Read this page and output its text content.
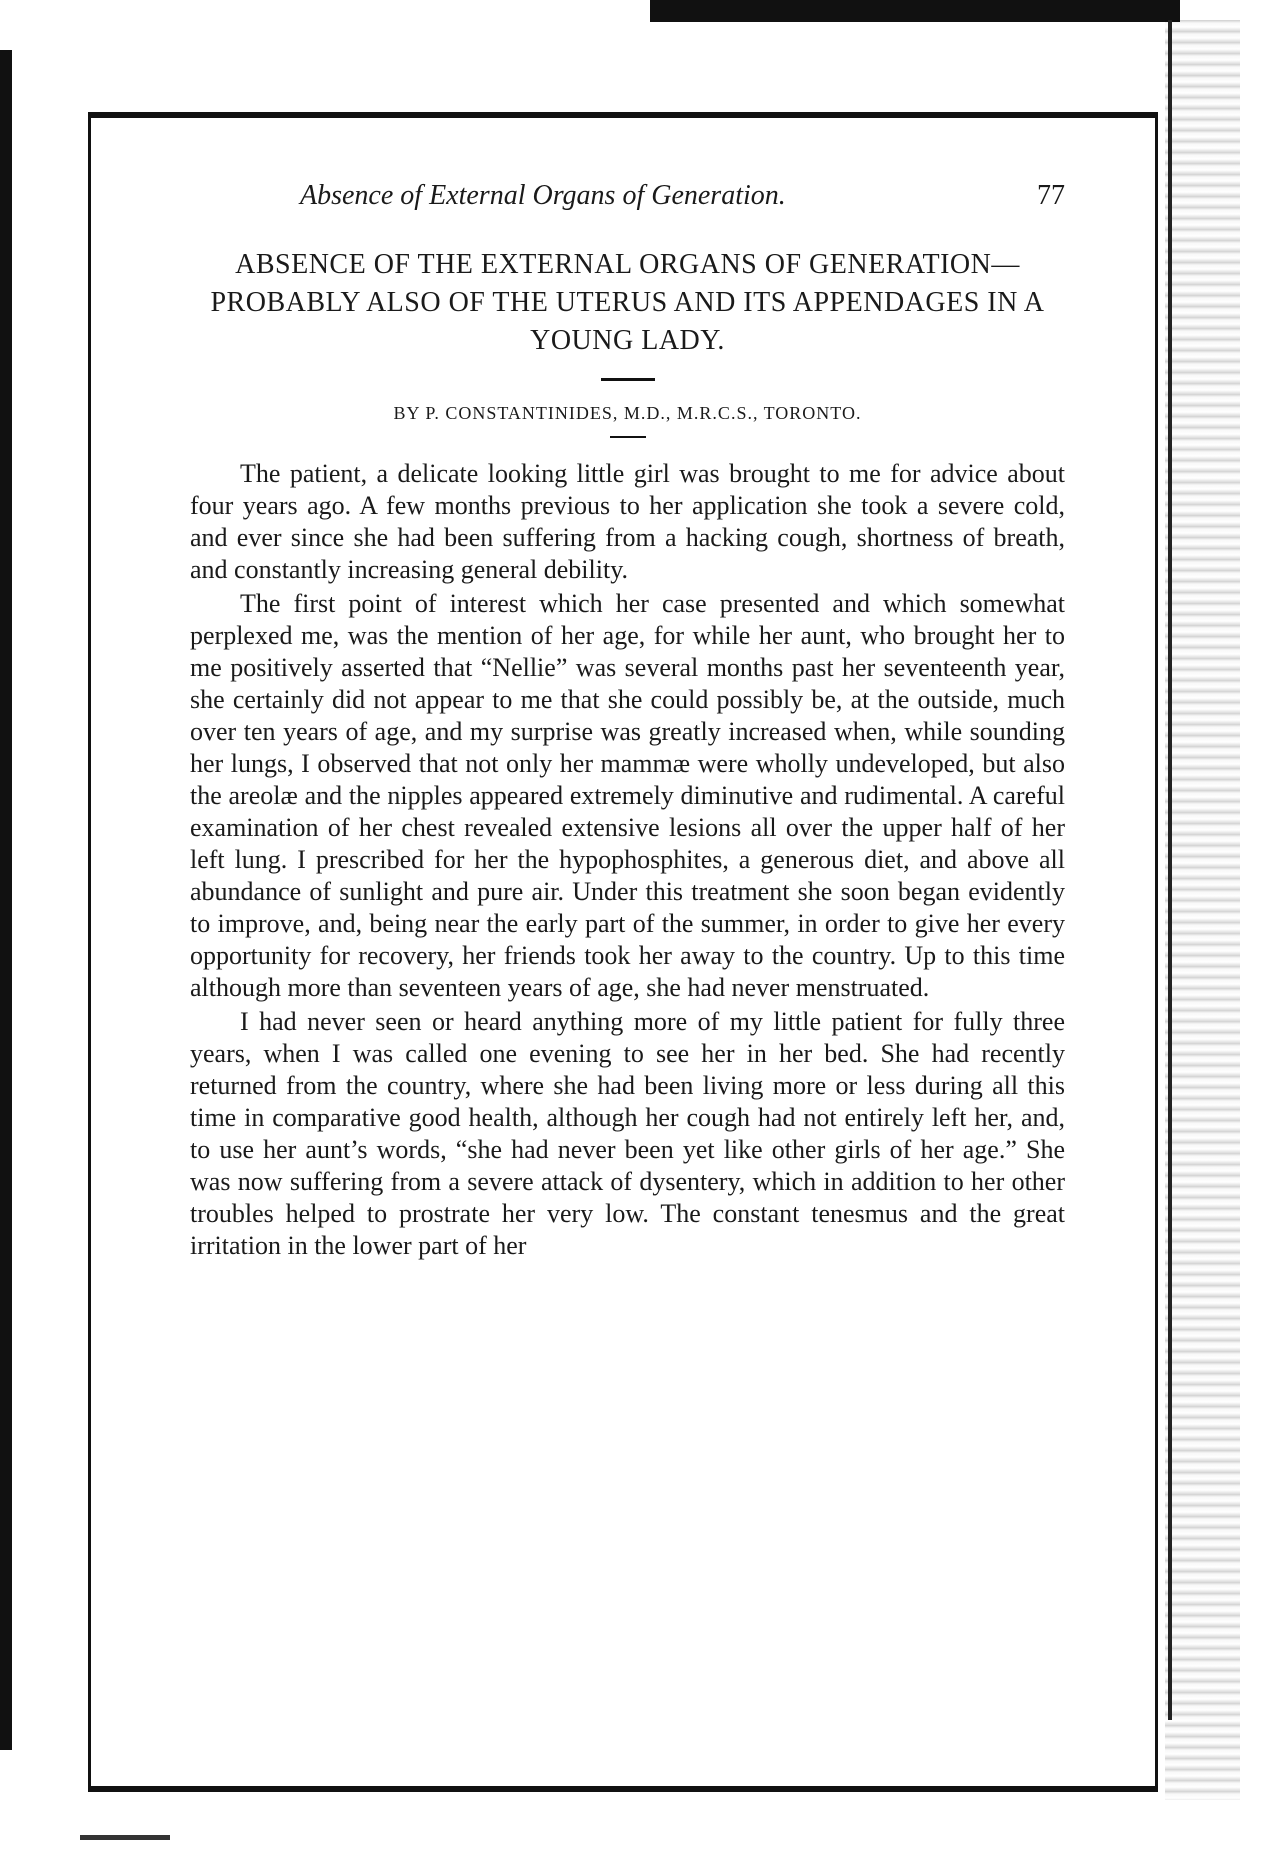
Absence of External Organs of Generation.	77
ABSENCE OF THE EXTERNAL ORGANS OF GENERATION—PROBABLY ALSO OF THE UTERUS AND ITS APPENDAGES IN A YOUNG LADY.
BY P. CONSTANTINIDES, M.D., M.R.C.S., TORONTO.

The patient, a delicate looking little girl was brought to me for advice about four years ago. A few months previous to her application she took a severe cold, and ever since she had been suffering from a hacking cough, shortness of breath, and constantly increasing general debility.

The first point of interest which her case presented and which somewhat perplexed me, was the mention of her age, for while her aunt, who brought her to me positively asserted that “Nellie” was several months past her seventeenth year, she certainly did not appear to me that she could possibly be, at the outside, much over ten years of age, and my surprise was greatly increased when, while sounding her lungs, I observed that not only her mammæ were wholly undeveloped, but also the areolæ and the nipples appeared extremely diminutive and rudimental. A careful examination of her chest revealed extensive lesions all over the upper half of her left lung. I prescribed for her the hypophosphites, a generous diet, and above all abundance of sunlight and pure air. Under this treatment she soon began evidently to improve, and, being near the early part of the summer, in order to give her every opportunity for recovery, her friends took her away to the country. Up to this time although more than seventeen years of age, she had never menstruated.

I had never seen or heard anything more of my little patient for fully three years, when I was called one evening to see her in her bed. She had recently returned from the country, where she had been living more or less during all this time in comparative good health, although her cough had not entirely left her, and, to use her aunt’s words, “she had never been yet like other girls of her age.” She was now suffering from a severe attack of dysentery, which in addition to her other troubles helped to prostrate her very low. The constant tenesmus and the great irritation in the lower part of her
